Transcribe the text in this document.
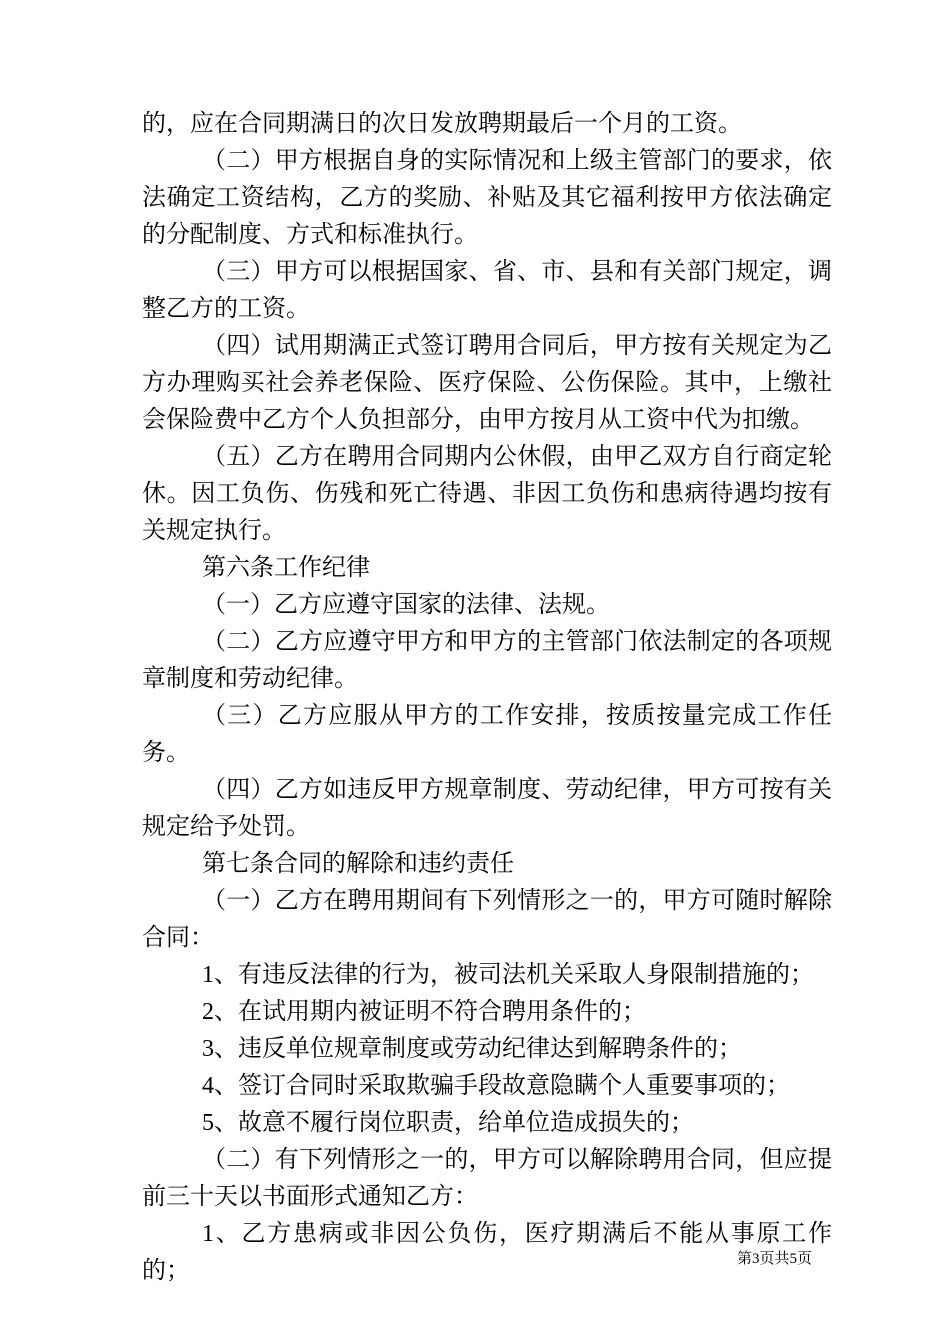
的，应在合同期满日的次日发放聘期最后一个月的工资。

（二）甲方根据自身的实际情况和上级主管部门的要求，依法确定工资结构，乙方的奖励、补贴及其它福利按甲方依法确定的分配制度、方式和标准执行。

（三）甲方可以根据国家、省、市、县和有关部门规定，调整乙方的工资。

（四）试用期满正式签订聘用合同后，甲方按有关规定为乙方办理购买社会养老保险、医疗保险、公伤保险。其中，上缴社会保险费中乙方个人负担部分，由甲方按月从工资中代为扣缴。

（五）乙方在聘用合同期内公休假，由甲乙双方自行商定轮休。因工负伤、伤残和死亡待遇、非因工负伤和患病待遇均按有关规定执行。

第六条工作纪律

（一）乙方应遵守国家的法律、法规。

（二）乙方应遵守甲方和甲方的主管部门依法制定的各项规章制度和劳动纪律。

（三）乙方应服从甲方的工作安排，按质按量完成工作任务。

（四）乙方如违反甲方规章制度、劳动纪律，甲方可按有关规定给予处罚。

第七条合同的解除和违约责任

（一）乙方在聘用期间有下列情形之一的，甲方可随时解除合同：

1、有违反法律的行为，被司法机关采取人身限制措施的；

2、在试用期内被证明不符合聘用条件的；

3、违反单位规章制度或劳动纪律达到解聘条件的；

4、签订合同时采取欺骗手段故意隐瞒个人重要事项的；

5、故意不履行岗位职责，给单位造成损失的；

（二）有下列情形之一的，甲方可以解除聘用合同，但应提前三十天以书面形式通知乙方：

1、乙方患病或非因公负伤，医疗期满后不能从事原工作的；	第3页共5页
